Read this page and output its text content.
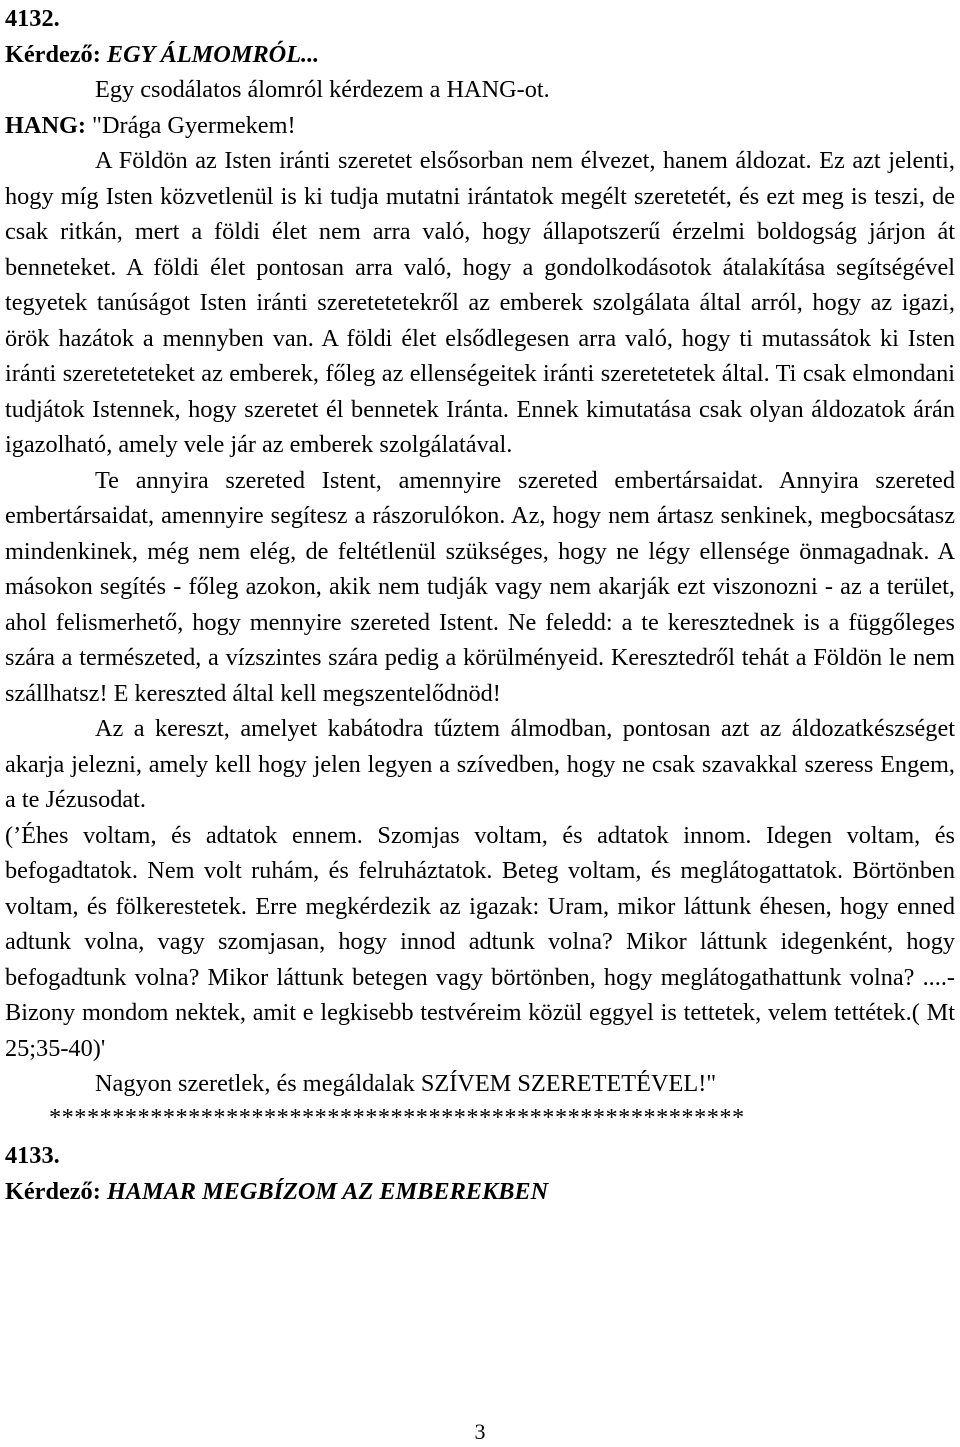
4132.
Kérdező: EGY ÁLMOMRÓL...
Egy csodálatos álomról kérdezem a HANG-ot.
HANG: "Drága Gyermekem!

A Földön az Isten iránti szeretet elsősorban nem élvezet, hanem áldozat. Ez azt jelenti, hogy míg Isten közvetlenül is ki tudja mutatni irántatok megélt szeretetét, és ezt meg is teszi, de csak ritkán, mert a földi élet nem arra való, hogy állapotszerű érzelmi boldogság járjon át benneteket. A földi élet pontosan arra való, hogy a gondolkodásotok átalakítása segítségével tegyetek tanúságot Isten iránti szeretetetekről az emberek szolgálata által arról, hogy az igazi, örök hazátok a mennyben van. A földi élet elsődlegesen arra való, hogy ti mutassátok ki Isten iránti szereteteteket az emberek, főleg az ellenségeitek iránti szeretetetek által. Ti csak elmondani tudjátok Istennek, hogy szeretet él bennetek Iránta. Ennek kimutatása csak olyan áldozatok árán igazolható, amely vele jár az emberek szolgálatával.

Te annyira szereted Istent, amennyire szereted embertársaidat. Annyira szereted embertársaidat, amennyire segítesz a rászorulókon. Az, hogy nem ártasz senkinek, megbocsátasz mindenkinek, még nem elég, de feltétlenül szükséges, hogy ne légy ellensége önmagadnak. A másokon segítés - főleg azokon, akik nem tudják vagy nem akarják ezt viszonozni - az a terület, ahol felismerhető, hogy mennyire szereted Istent. Ne feledd: a te keresztednek is a függőleges szára a természeted, a vízszintes szára pedig a körülményeid. Keresztedről tehát a Földön le nem szállhatsz! E kereszted által kell megszentelődnöd!

Az a kereszt, amelyet kabátodra tűztem álmodban, pontosan azt az áldozatkészséget akarja jelezni, amely kell hogy jelen legyen a szívedben, hogy ne csak szavakkal szeress Engem, a te Jézusodat.

(’Éhes voltam, és adtatok ennem. Szomjas voltam, és adtatok innom. Idegen voltam, és befogadtatok. Nem volt ruhám, és felruháztatok. Beteg voltam, és meglátogattatok. Börtönben voltam, és fölkerestetek. Erre megkérdezik az igazak: Uram, mikor láttunk éhesen, hogy enned adtunk volna, vagy szomjasan, hogy innod adtunk volna? Mikor láttunk idegenként, hogy befogadtunk volna? Mikor láttunk betegen vagy börtönben, hogy meglátogathattunk volna? ....- Bizony mondom nektek, amit e legkisebb testvéreim közül eggyel is tettetek, velem tettétek.( Mt 25;35-40)'

Nagyon szeretlek, és megáldalak SZÍVEM SZERETETÉVEL!"
*******************************************************
4133.
Kérdező: HAMAR MEGBÍZOM AZ EMBEREKBEN
3
